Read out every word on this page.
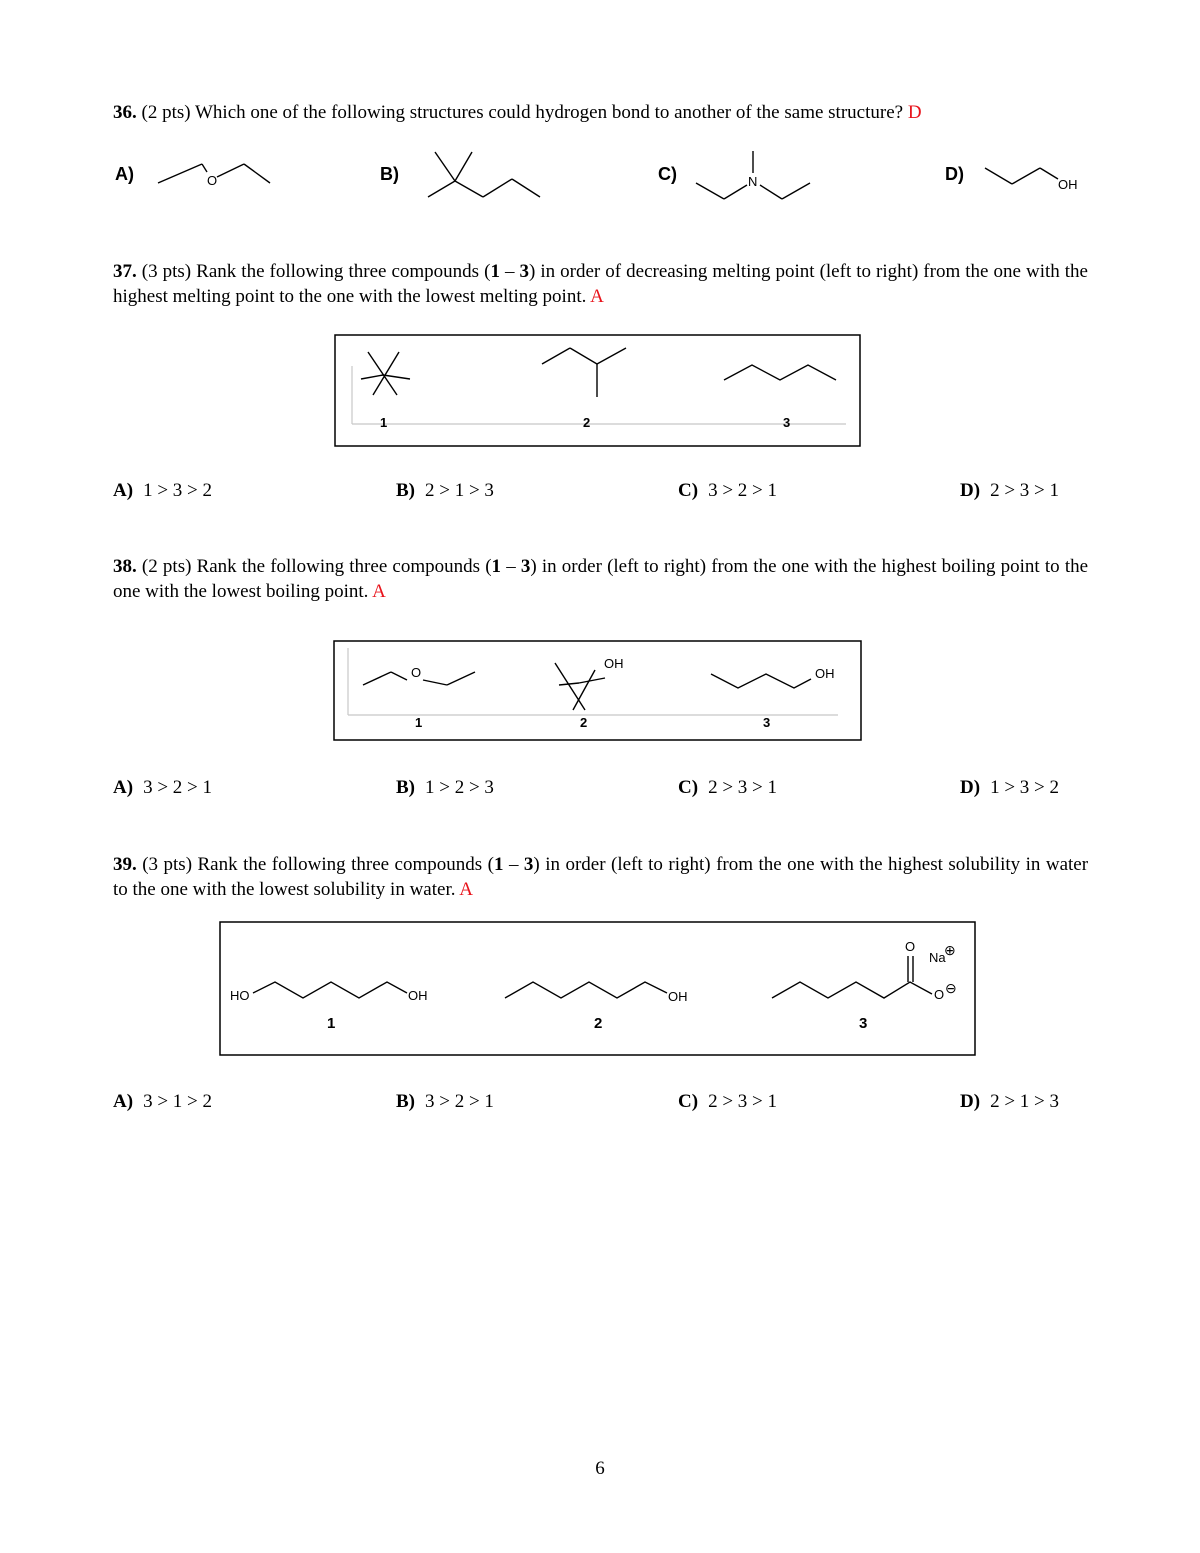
36. (2 pts) Which one of the following structures could hydrogen bond to another of the same structure? D
A)	B)	C)	D)
O	N	OH
37. (3 pts) Rank the following three compounds (1 – 3) in order of decreasing melting point (left to right) from the one with the highest melting point to the one with the lowest melting point. A
1	2	3
A) 1 > 3 > 2	B) 2 > 1 > 3	C) 3 > 2 > 1	D) 2 > 3 > 1
38. (2 pts) Rank the following three compounds (1 – 3) in order (left to right) from the one with the highest boiling point to the one with the lowest boiling point. A
O
OH
OH
1	2	3
A) 3 > 2 > 1	B) 1 > 2 > 3	C) 2 > 3 > 1	D) 1 > 3 > 2
39. (3 pts) Rank the following three compounds (1 – 3) in order (left to right) from the one with the highest solubility in water to the one with the lowest solubility in water. A
HO	OH	OH
O
Na
⊕
O ⊖
1	2	3
A) 3 > 1 > 2	B) 3 > 2 > 1	C) 2 > 3 > 1	D) 2 > 1 > 3
6
